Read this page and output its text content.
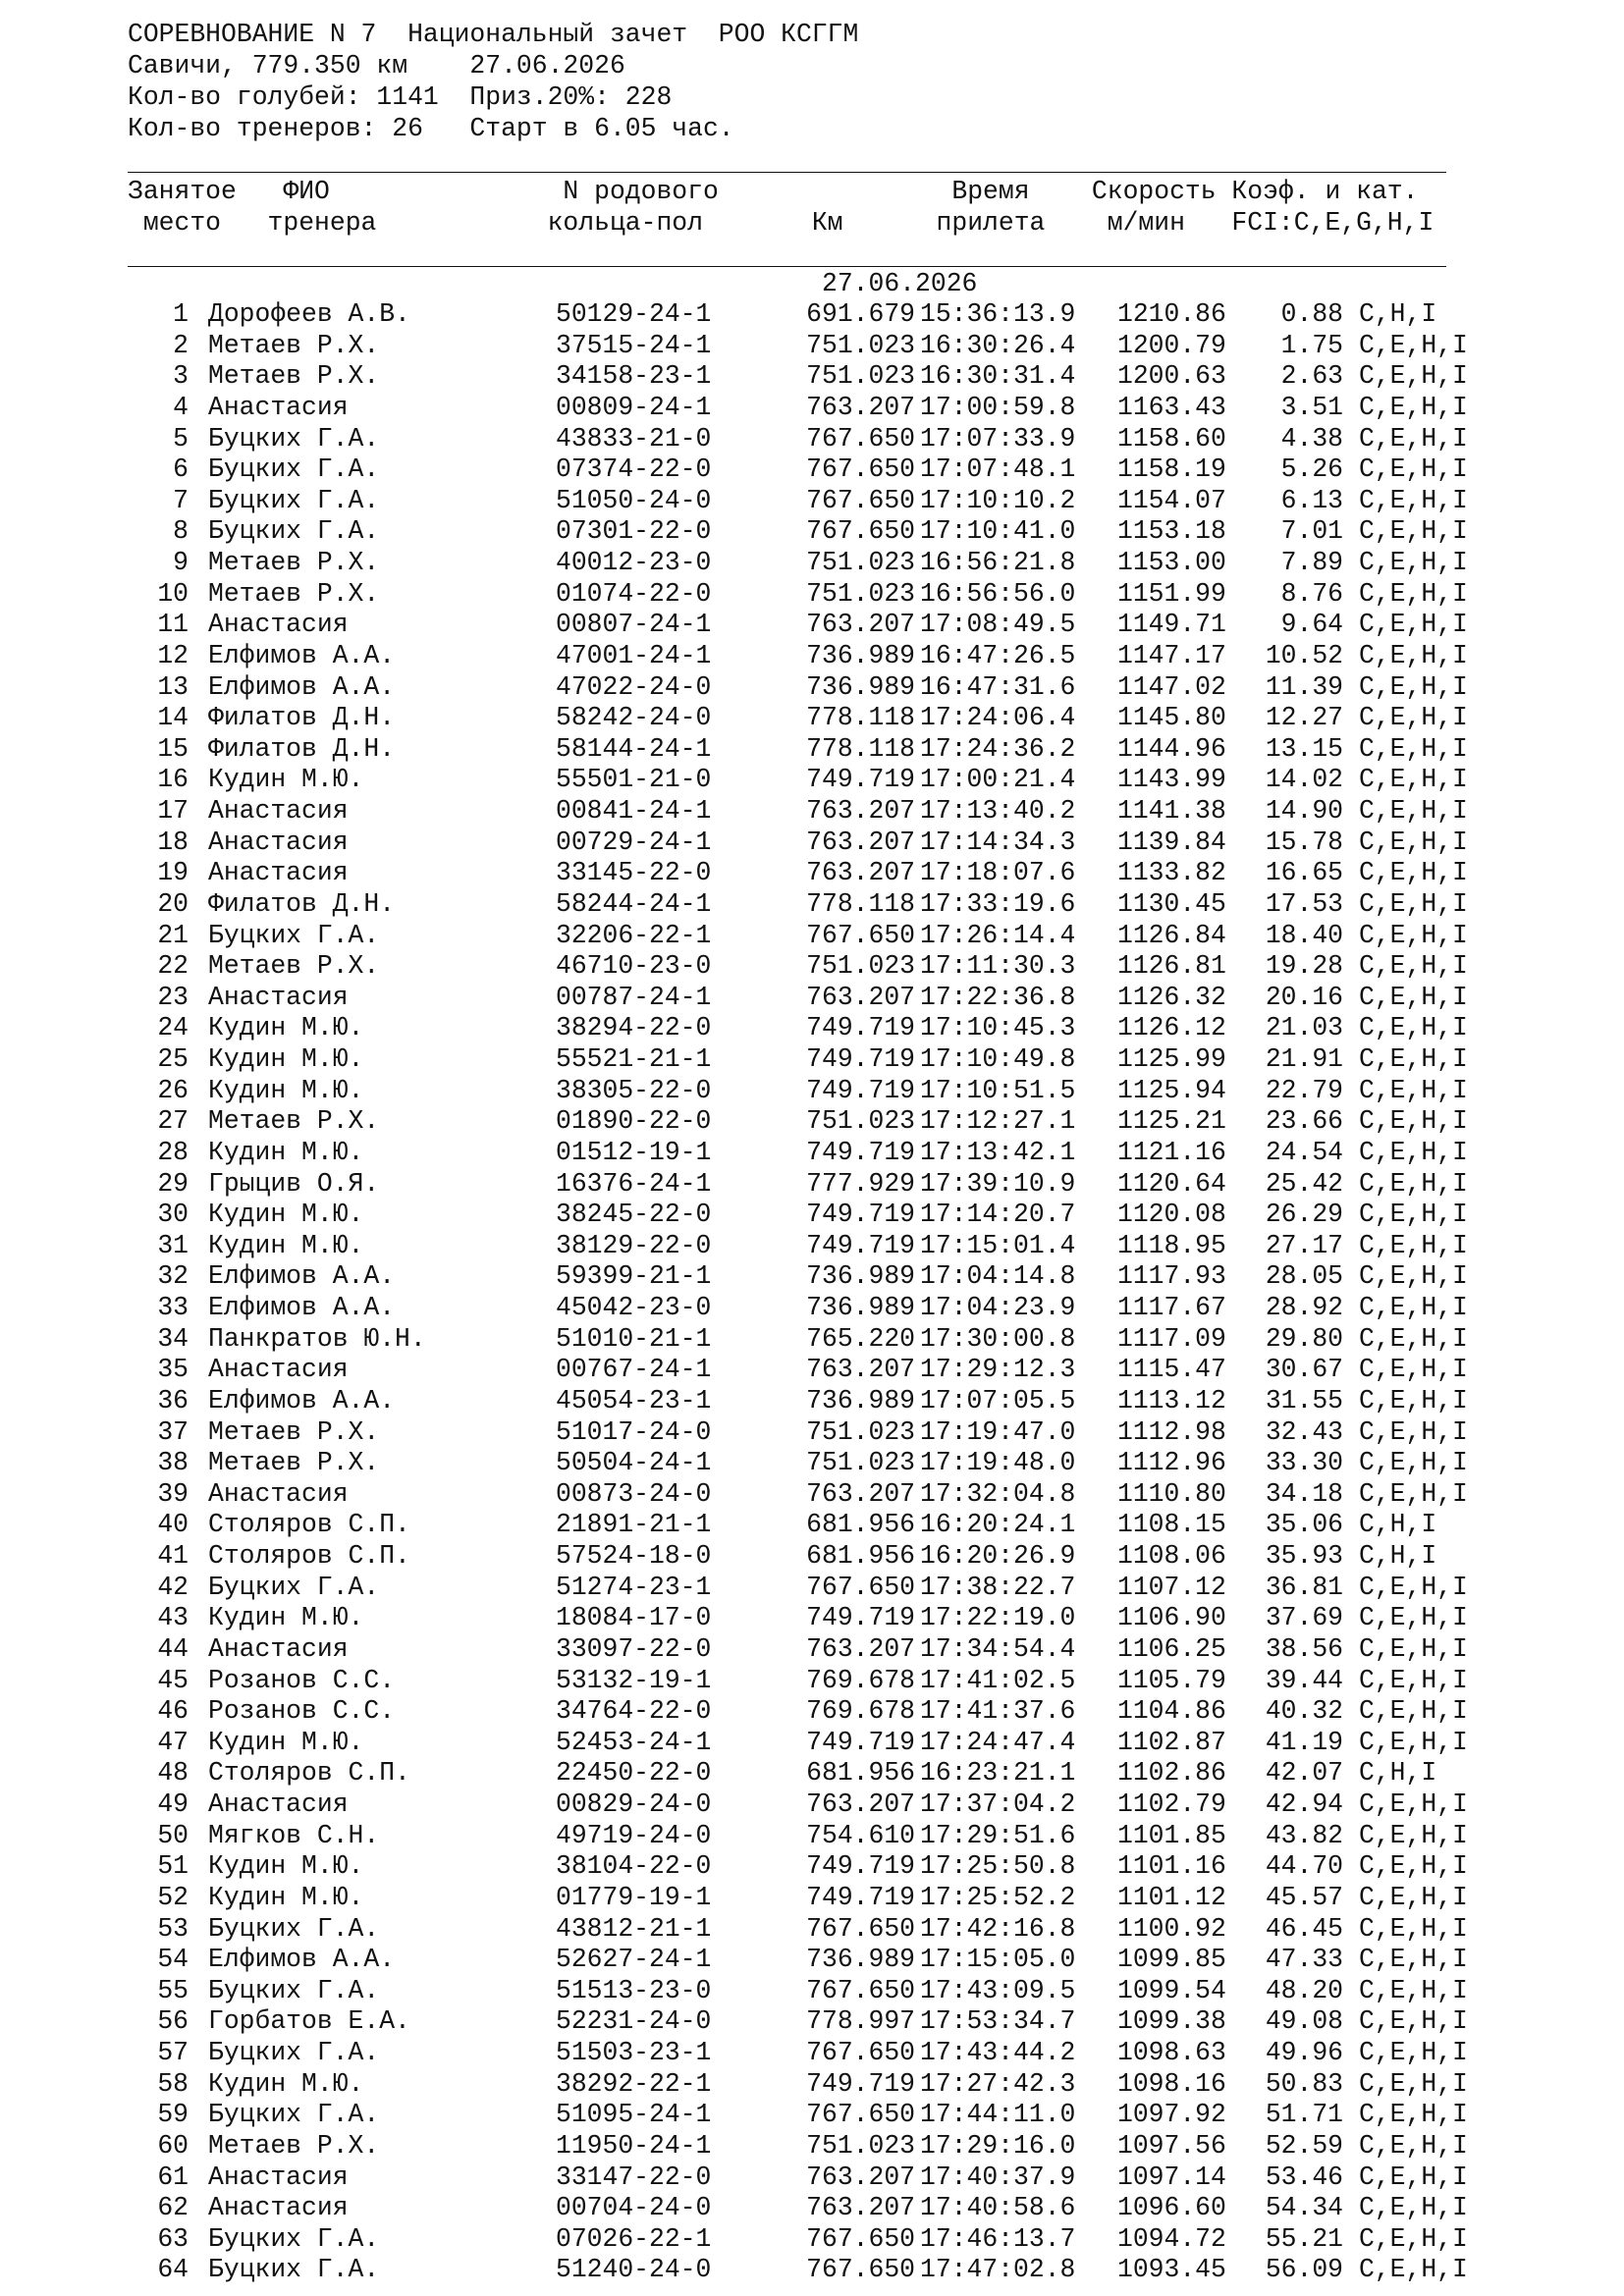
СОРЕВНОВАНИЕ N 7  Национальный зачет  РОО КСГГМ
Савичи, 779.350 км    27.06.2026
Кол-во голубей: 1141  Приз.20%: 228
Кол-во тренеров: 26   Старт в 6.05 час.
Занятое   ФИО               N родового               Время    Скорость Коэф. и кат.
место   тренера           кольца-пол       Км      прилета    м/мин   FCI:C,E,G,H,I
27.06.2026
1 Дорофеев А.В.	50129-24-1	691.679 15:36:13.9 1210.86	0.88 C,H,I
2 Метаев Р.Х.	37515-24-1	751.023 16:30:26.4 1200.79	1.75 C,E,H,I
3 Метаев Р.Х.	34158-23-1	751.023 16:30:31.4 1200.63	2.63 C,E,H,I
4 Анастасия	00809-24-1	763.207 17:00:59.8 1163.43	3.51 C,E,H,I
5 Буцких Г.А.	43833-21-0	767.650 17:07:33.9 1158.60	4.38 C,E,H,I
6 Буцких Г.А.	07374-22-0	767.650 17:07:48.1 1158.19	5.26 C,E,H,I
7 Буцких Г.А.	51050-24-0	767.650 17:10:10.2 1154.07	6.13 C,E,H,I
8 Буцких Г.А.	07301-22-0	767.650 17:10:41.0 1153.18	7.01 C,E,H,I
9 Метаев Р.Х.	40012-23-0	751.023 16:56:21.8 1153.00	7.89 C,E,H,I
10 Метаев Р.Х.	01074-22-0	751.023 16:56:56.0 1151.99	8.76 C,E,H,I
11 Анастасия	00807-24-1	763.207 17:08:49.5 1149.71	9.64 C,E,H,I
12 Елфимов А.А.	47001-24-1	736.989 16:47:26.5 1147.17	10.52 C,E,H,I
13 Елфимов А.А.	47022-24-0	736.989 16:47:31.6 1147.02	11.39 C,E,H,I
14 Филатов Д.Н.	58242-24-0	778.118 17:24:06.4 1145.80	12.27 C,E,H,I
15 Филатов Д.Н.	58144-24-1	778.118 17:24:36.2 1144.96	13.15 C,E,H,I
16 Кудин М.Ю.	55501-21-0	749.719 17:00:21.4 1143.99	14.02 C,E,H,I
17 Анастасия	00841-24-1	763.207 17:13:40.2 1141.38	14.90 C,E,H,I
18 Анастасия	00729-24-1	763.207 17:14:34.3 1139.84	15.78 C,E,H,I
19 Анастасия	33145-22-0	763.207 17:18:07.6 1133.82	16.65 C,E,H,I
20 Филатов Д.Н.	58244-24-1	778.118 17:33:19.6 1130.45	17.53 C,E,H,I
21 Буцких Г.А.	32206-22-1	767.650 17:26:14.4 1126.84	18.40 C,E,H,I
22 Метаев Р.Х.	46710-23-0	751.023 17:11:30.3 1126.81	19.28 C,E,H,I
23 Анастасия	00787-24-1	763.207 17:22:36.8 1126.32	20.16 C,E,H,I
24 Кудин М.Ю.	38294-22-0	749.719 17:10:45.3 1126.12	21.03 C,E,H,I
25 Кудин М.Ю.	55521-21-1	749.719 17:10:49.8 1125.99	21.91 C,E,H,I
26 Кудин М.Ю.	38305-22-0	749.719 17:10:51.5 1125.94	22.79 C,E,H,I
27 Метаев Р.Х.	01890-22-0	751.023 17:12:27.1 1125.21	23.66 C,E,H,I
28 Кудин М.Ю.	01512-19-1	749.719 17:13:42.1 1121.16	24.54 C,E,H,I
29 Грыцив О.Я.	16376-24-1	777.929 17:39:10.9 1120.64	25.42 C,E,H,I
30 Кудин М.Ю.	38245-22-0	749.719 17:14:20.7 1120.08	26.29 C,E,H,I
31 Кудин М.Ю.	38129-22-0	749.719 17:15:01.4 1118.95	27.17 C,E,H,I
32 Елфимов А.А.	59399-21-1	736.989 17:04:14.8 1117.93	28.05 C,E,H,I
33 Елфимов А.А.	45042-23-0	736.989 17:04:23.9 1117.67	28.92 C,E,H,I
34 Панкратов Ю.Н.	51010-21-1	765.220 17:30:00.8 1117.09	29.80 C,E,H,I
35 Анастасия	00767-24-1	763.207 17:29:12.3 1115.47	30.67 C,E,H,I
36 Елфимов А.А.	45054-23-1	736.989 17:07:05.5 1113.12	31.55 C,E,H,I
37 Метаев Р.Х.	51017-24-0	751.023 17:19:47.0 1112.98	32.43 C,E,H,I
38 Метаев Р.Х.	50504-24-1	751.023 17:19:48.0 1112.96	33.30 C,E,H,I
39 Анастасия	00873-24-0	763.207 17:32:04.8 1110.80	34.18 C,E,H,I
40 Столяров С.П.	21891-21-1	681.956 16:20:24.1 1108.15	35.06 C,H,I
41 Столяров С.П.	57524-18-0	681.956 16:20:26.9 1108.06	35.93 C,H,I
42 Буцких Г.А.	51274-23-1	767.650 17:38:22.7 1107.12	36.81 C,E,H,I
43 Кудин М.Ю.	18084-17-0	749.719 17:22:19.0 1106.90	37.69 C,E,H,I
44 Анастасия	33097-22-0	763.207 17:34:54.4 1106.25	38.56 C,E,H,I
45 Розанов С.С.	53132-19-1	769.678 17:41:02.5 1105.79	39.44 C,E,H,I
46 Розанов С.С.	34764-22-0	769.678 17:41:37.6 1104.86	40.32 C,E,H,I
47 Кудин М.Ю.	52453-24-1	749.719 17:24:47.4 1102.87	41.19 C,E,H,I
48 Столяров С.П.	22450-22-0	681.956 16:23:21.1 1102.86	42.07 C,H,I
49 Анастасия	00829-24-0	763.207 17:37:04.2 1102.79	42.94 C,E,H,I
50 Мягков С.Н.	49719-24-0	754.610 17:29:51.6 1101.85	43.82 C,E,H,I
51 Кудин М.Ю.	38104-22-0	749.719 17:25:50.8 1101.16	44.70 C,E,H,I
52 Кудин М.Ю.	01779-19-1	749.719 17:25:52.2 1101.12	45.57 C,E,H,I
53 Буцких Г.А.	43812-21-1	767.650 17:42:16.8 1100.92	46.45 C,E,H,I
54 Елфимов А.А.	52627-24-1	736.989 17:15:05.0 1099.85	47.33 C,E,H,I
55 Буцких Г.А.	51513-23-0	767.650 17:43:09.5 1099.54	48.20 C,E,H,I
56 Горбатов Е.А.	52231-24-0	778.997 17:53:34.7 1099.38	49.08 C,E,H,I
57 Буцких Г.А.	51503-23-1	767.650 17:43:44.2 1098.63	49.96 C,E,H,I
58 Кудин М.Ю.	38292-22-1	749.719 17:27:42.3 1098.16	50.83 C,E,H,I
59 Буцких Г.А.	51095-24-1	767.650 17:44:11.0 1097.92	51.71 C,E,H,I
60 Метаев Р.Х.	11950-24-1	751.023 17:29:16.0 1097.56	52.59 C,E,H,I
61 Анастасия	33147-22-0	763.207 17:40:37.9 1097.14	53.46 C,E,H,I
62 Анастасия	00704-24-0	763.207 17:40:58.6 1096.60	54.34 C,E,H,I
63 Буцких Г.А.	07026-22-1	767.650 17:46:13.7 1094.72	55.21 C,E,H,I
64 Буцких Г.А.	51240-24-0	767.650 17:47:02.8 1093.45	56.09 C,E,H,I
